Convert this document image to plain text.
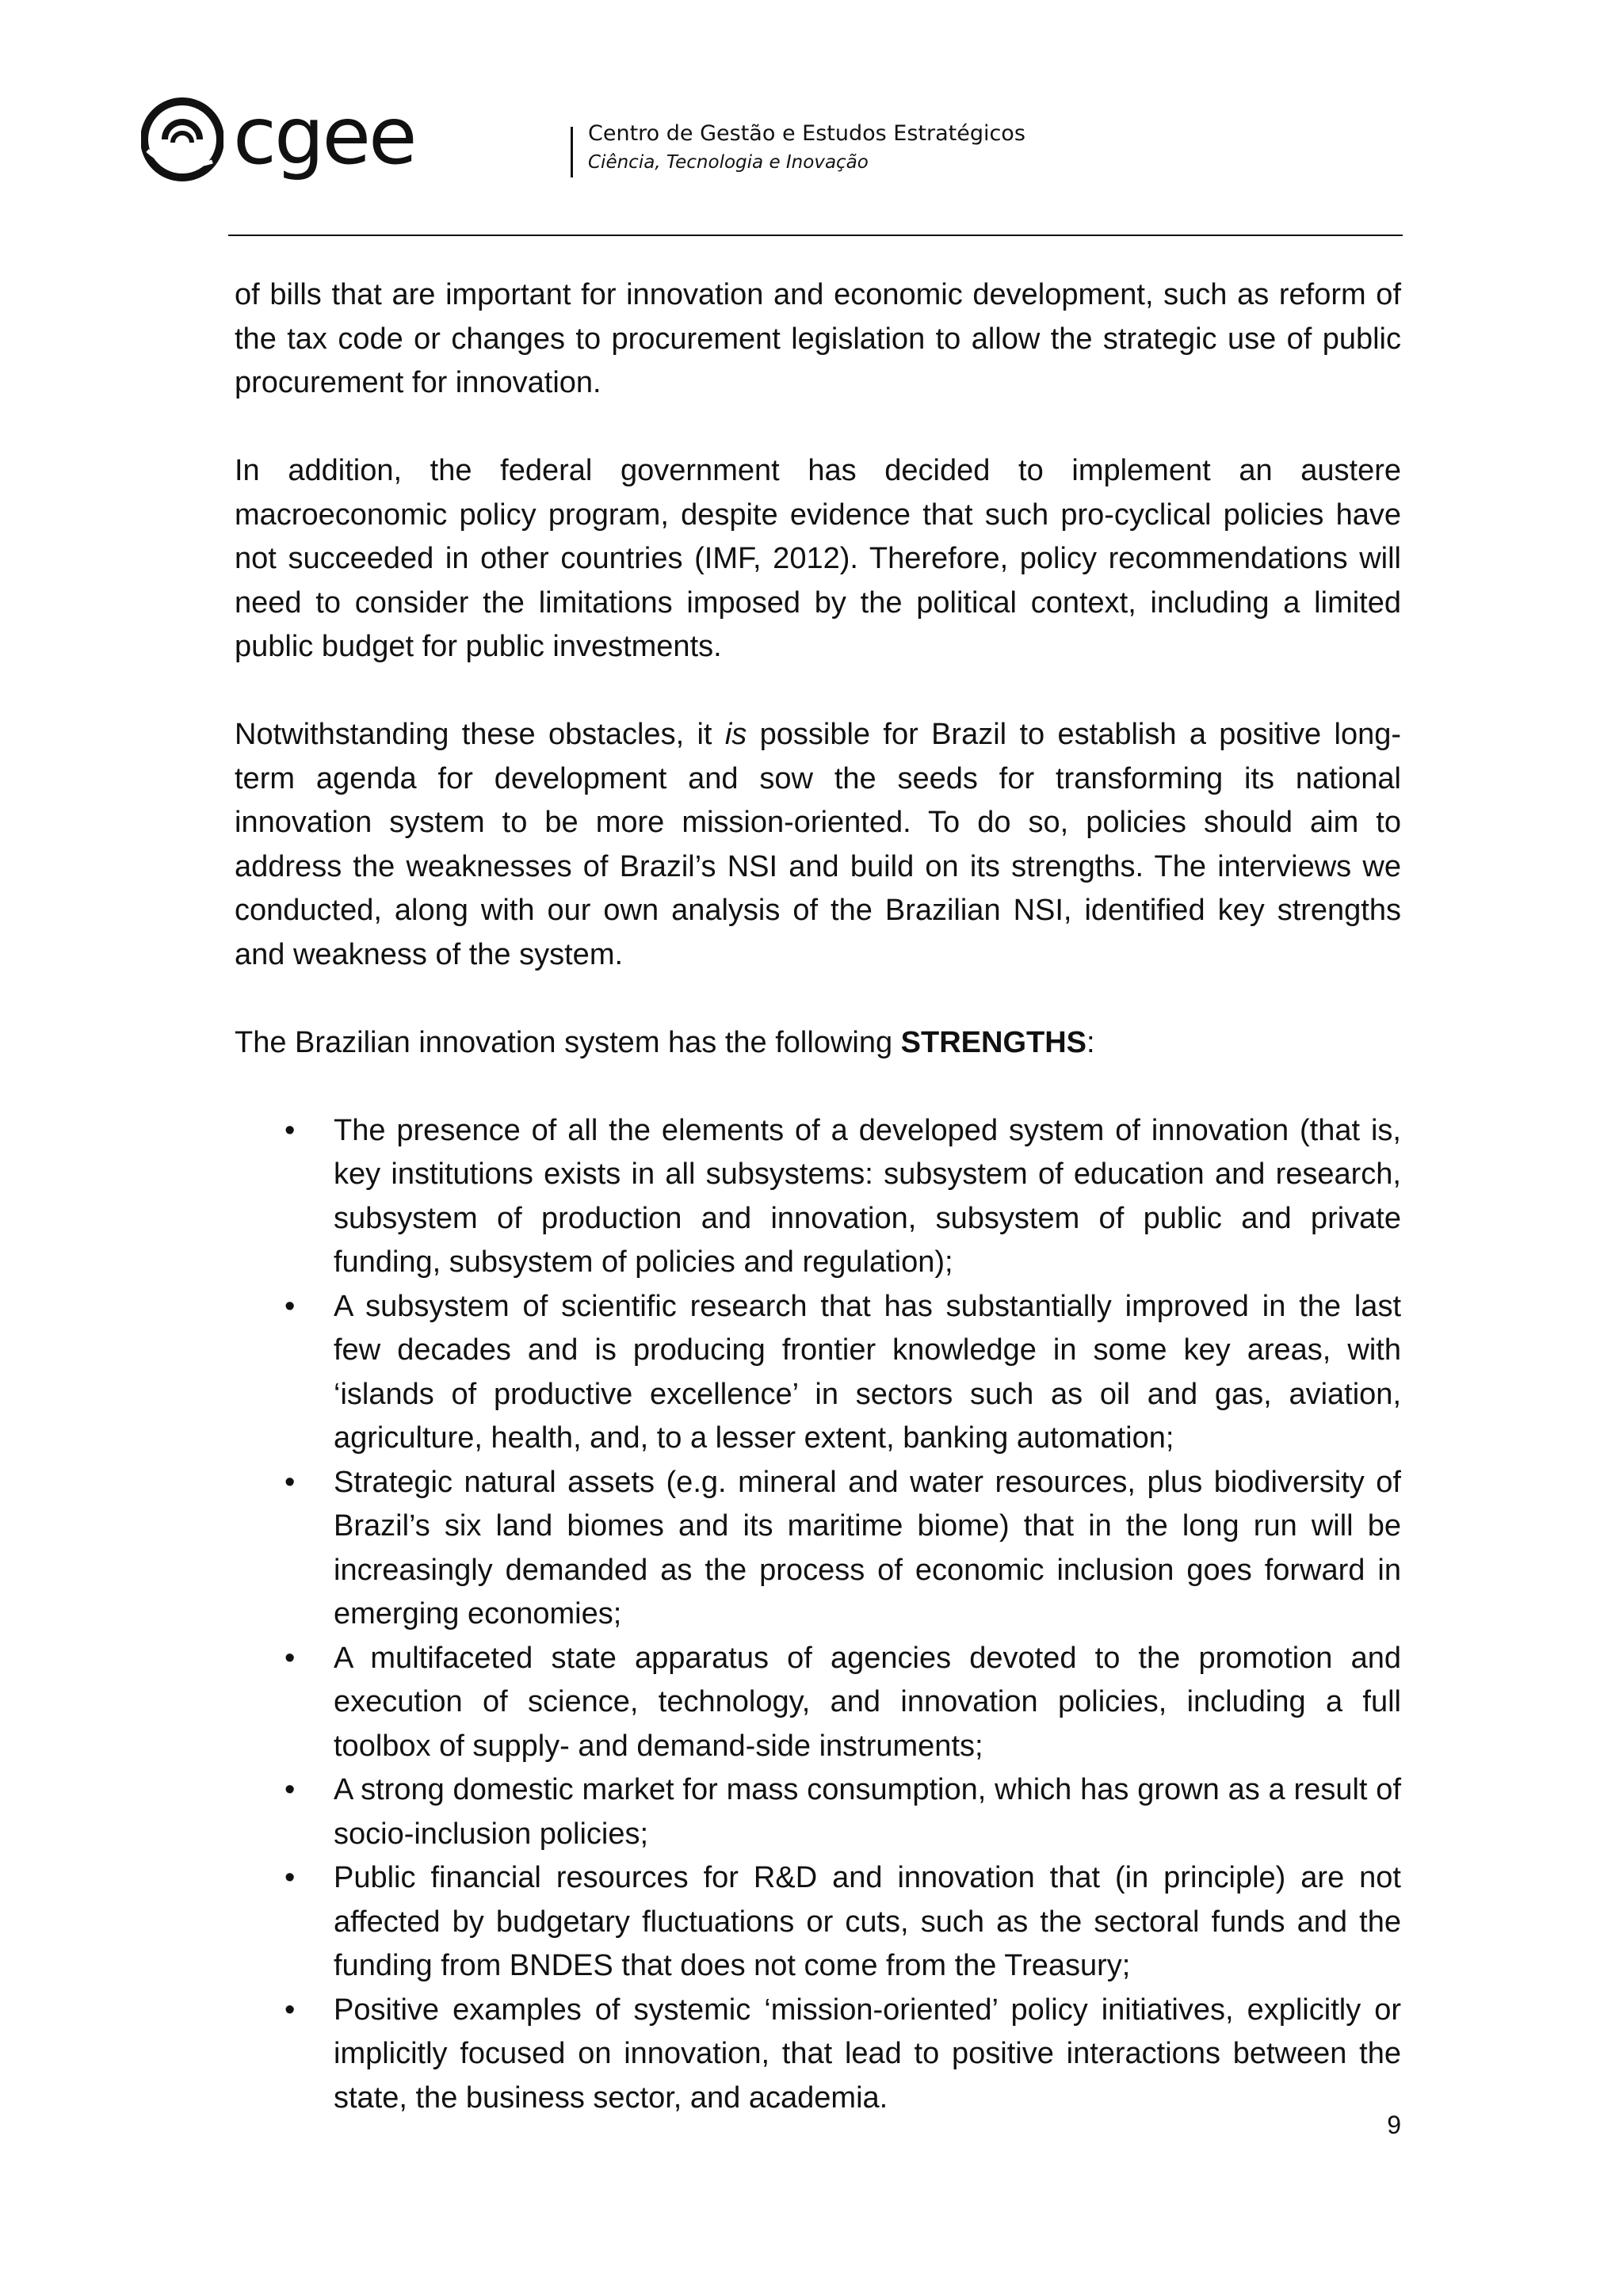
cgee	Centro de Gestão e Estudos Estratégicos
Ciência, Tecnologia e Inovação

of bills that are important for innovation and economic development, such as reform of the tax code or changes to procurement legislation to allow the strategic use of public procurement for innovation.

In addition, the federal government has decided to implement an austere macroeconomic policy program, despite evidence that such pro-cyclical policies have not succeeded in other countries (IMF, 2012). Therefore, policy recommendations will need to consider the limitations imposed by the political context, including a limited public budget for public investments.

Notwithstanding these obstacles, it is possible for Brazil to establish a positive long-term agenda for development and sow the seeds for transforming its national innovation system to be more mission-oriented. To do so, policies should aim to address the weaknesses of Brazil’s NSI and build on its strengths. The interviews we conducted, along with our own analysis of the Brazilian NSI, identified key strengths and weakness of the system.

The Brazilian innovation system has the following STRENGTHS:

• The presence of all the elements of a developed system of innovation (that is, key institutions exists in all subsystems: subsystem of education and research, subsystem of production and innovation, subsystem of public and private funding, subsystem of policies and regulation);
• A subsystem of scientific research that has substantially improved in the last few decades and is producing frontier knowledge in some key areas, with ‘islands of productive excellence’ in sectors such as oil and gas, aviation, agriculture, health, and, to a lesser extent, banking automation;
• Strategic natural assets (e.g. mineral and water resources, plus biodiversity of Brazil’s six land biomes and its maritime biome) that in the long run will be increasingly demanded as the process of economic inclusion goes forward in emerging economies;
• A multifaceted state apparatus of agencies devoted to the promotion and execution of science, technology, and innovation policies, including a full toolbox of supply- and demand-side instruments;
• A strong domestic market for mass consumption, which has grown as a result of socio-inclusion policies;
• Public financial resources for R&D and innovation that (in principle) are not affected by budgetary fluctuations or cuts, such as the sectoral funds and the funding from BNDES that does not come from the Treasury;
• Positive examples of systemic ‘mission-oriented’ policy initiatives, explicitly or implicitly focused on innovation, that lead to positive interactions between the state, the business sector, and academia.
9
